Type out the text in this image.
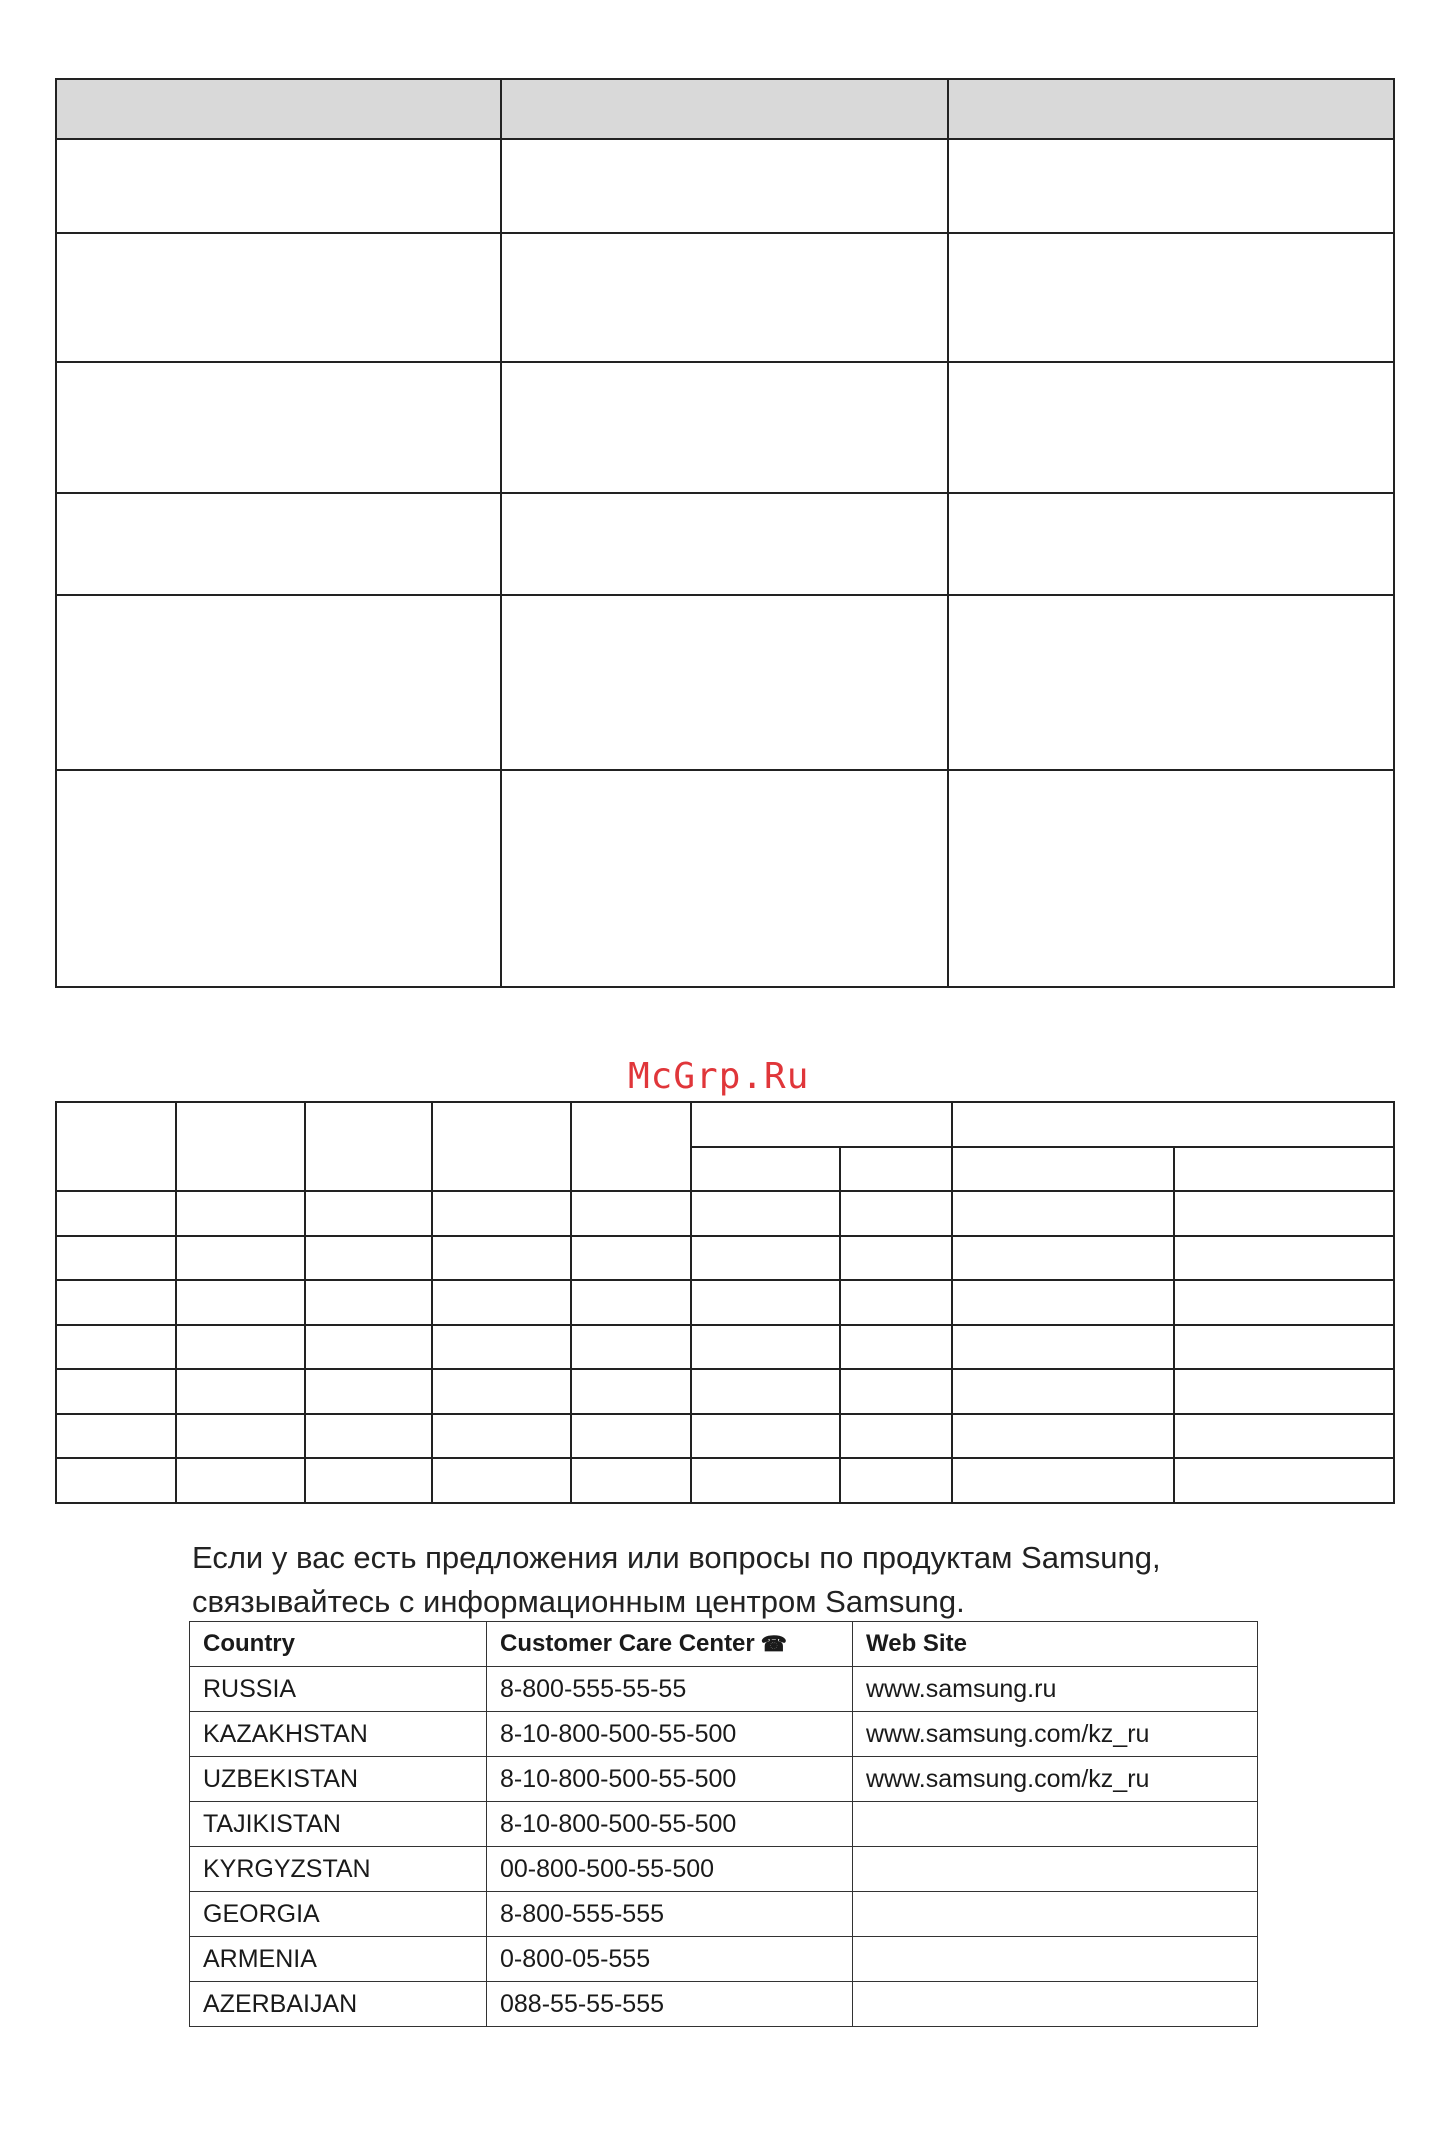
McGrp.Ru

Если у вас есть предложения или вопросы по продуктам Samsung,

связывайтесь с информационным центром Samsung.

Country	Customer Care Center ☎	Web Site
RUSSIA	8-800-555-55-55	www.samsung.ru
KAZAKHSTAN	8-10-800-500-55-500	www.samsung.com/kz_ru
UZBEKISTAN	8-10-800-500-55-500	www.samsung.com/kz_ru
TAJIKISTAN	8-10-800-500-55-500	
KYRGYZSTAN	00-800-500-55-500	
GEORGIA	8-800-555-555	
ARMENIA	0-800-05-555	
AZERBAIJAN	088-55-55-555	
